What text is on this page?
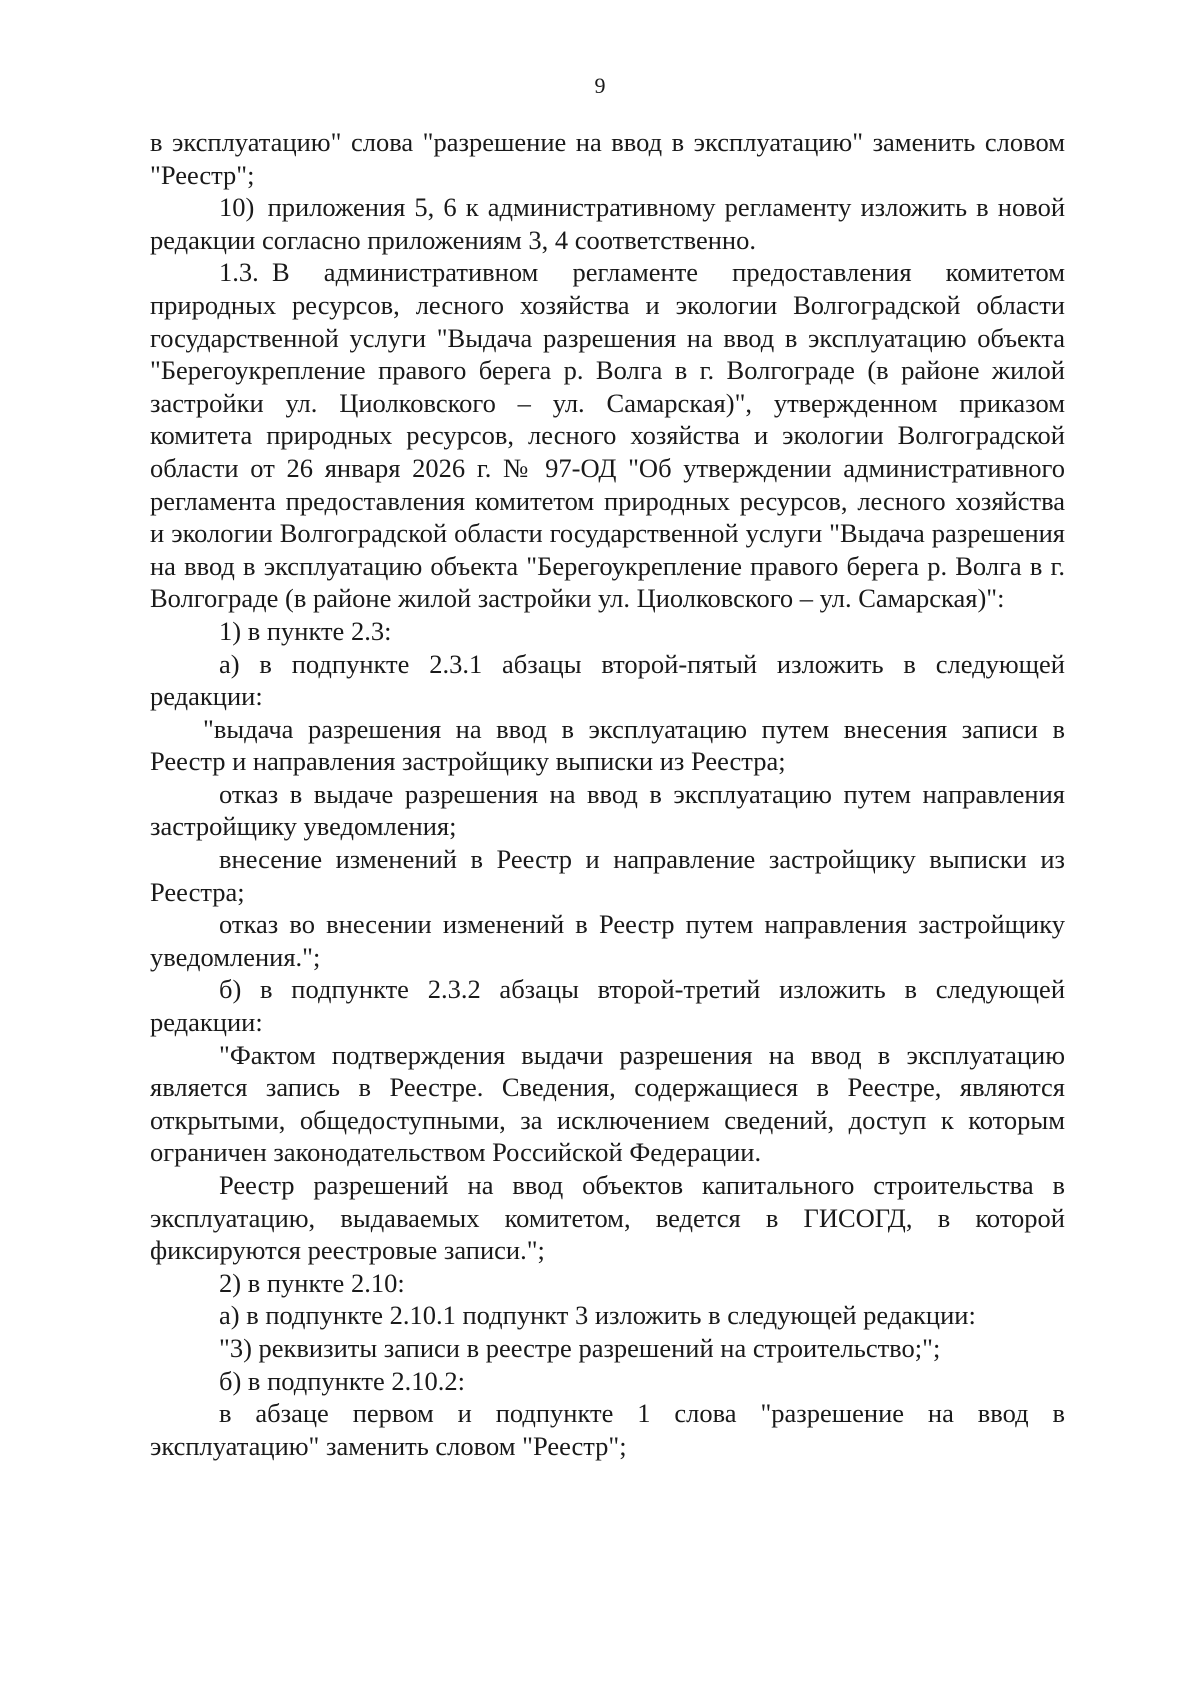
9

в эксплуатацию" слова "разрешение на ввод в эксплуатацию" заменить словом "Реестр";

10) приложения 5, 6 к административному регламенту изложить в новой редакции согласно приложениям 3, 4 соответственно.

1.3. В административном регламенте предоставления комитетом природных ресурсов, лесного хозяйства и экологии Волгоградской области государственной услуги "Выдача разрешения на ввод в эксплуатацию объекта "Берегоукрепление правого берега р. Волга в г. Волгограде (в районе жилой застройки ул. Циолковского – ул. Самарская)", утвержденном приказом комитета природных ресурсов, лесного хозяйства и экологии Волгоградской области от 26 января 2026 г. № 97-ОД "Об утверждении административного регламента предоставления комитетом природных ресурсов, лесного хозяйства и экологии Волгоградской области государственной услуги "Выдача разрешения на ввод в эксплуатацию объекта "Берегоукрепление правого берега р. Волга в г. Волгограде (в районе жилой застройки ул. Циолковского – ул. Самарская)":

1) в пункте 2.3:

а) в подпункте 2.3.1 абзацы второй-пятый изложить в следующей редакции:

"выдача разрешения на ввод в эксплуатацию путем внесения записи в Реестр и направления застройщику выписки из Реестра;

отказ в выдаче разрешения на ввод в эксплуатацию путем направления застройщику уведомления;

внесение изменений в Реестр и направление застройщику выписки из Реестра;

отказ во внесении изменений в Реестр путем направления застройщику уведомления.";

б) в подпункте 2.3.2 абзацы второй-третий изложить в следующей редакции:

"Фактом подтверждения выдачи разрешения на ввод в эксплуатацию является запись в Реестре. Сведения, содержащиеся в Реестре, являются открытыми, общедоступными, за исключением сведений, доступ к которым ограничен законодательством Российской Федерации.

Реестр разрешений на ввод объектов капитального строительства в эксплуатацию, выдаваемых комитетом, ведется в ГИСОГД, в которой фиксируются реестровые записи.";

2) в пункте 2.10:

а) в подпункте 2.10.1 подпункт 3 изложить в следующей редакции:

"3) реквизиты записи в реестре разрешений на строительство;";

б) в подпункте 2.10.2:

в абзаце первом и подпункте 1 слова "разрешение на ввод в эксплуатацию" заменить словом "Реестр";
